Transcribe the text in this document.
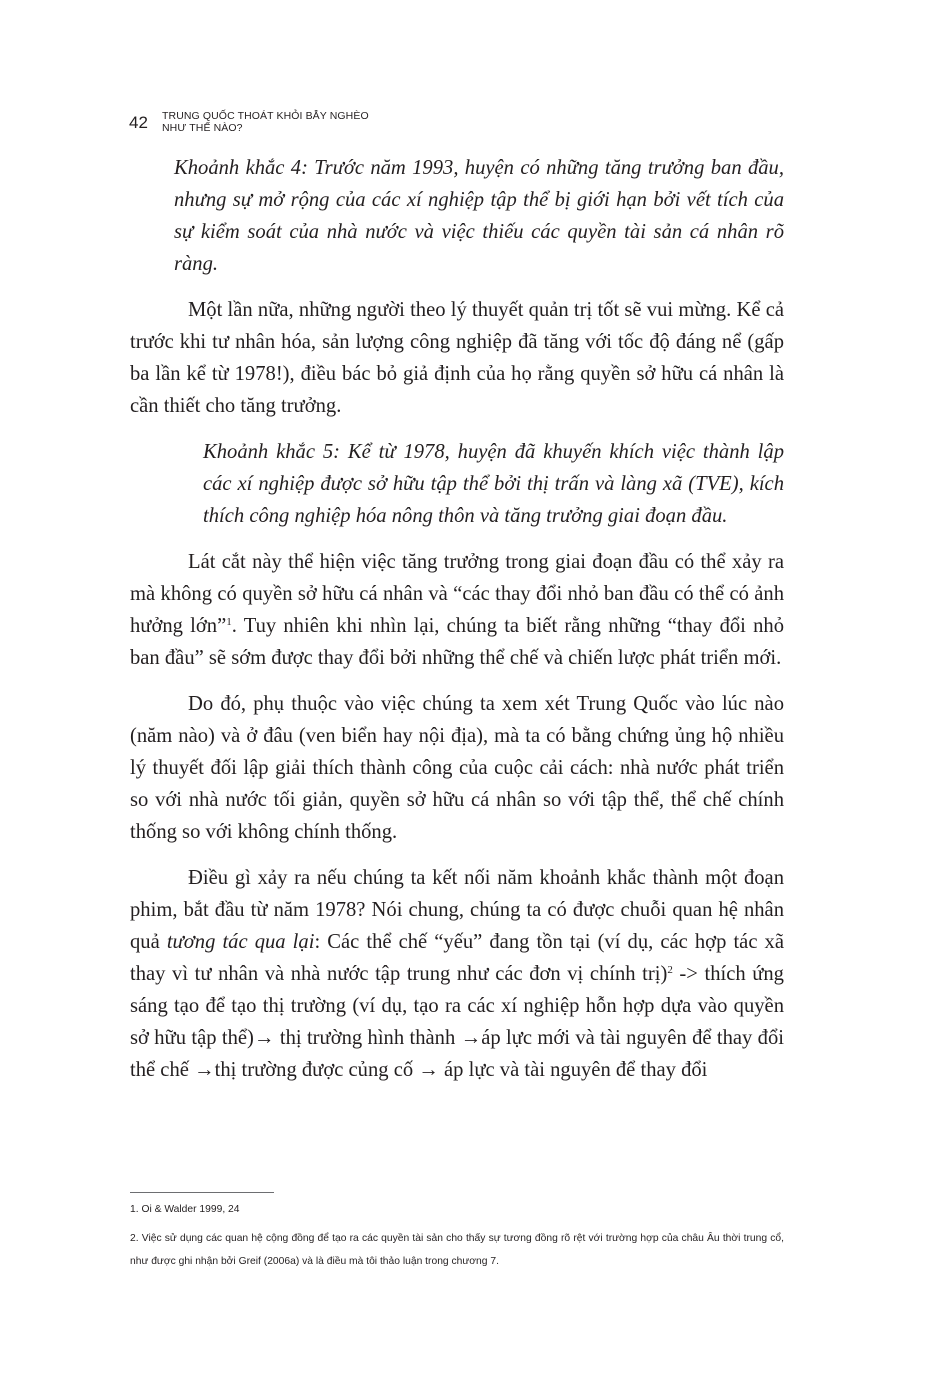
42 TRUNG QUỐC THOÁT KHỎI BẪY NGHÈO
NHƯ THẾ NÀO?

Khoảnh khắc 4: Trước năm 1993, huyện có những tăng trưởng ban đầu, nhưng sự mở rộng của các xí nghiệp tập thể bị giới hạn bởi vết tích của sự kiểm soát của nhà nước và việc thiếu các quyền tài sản cá nhân rõ ràng.

Một lần nữa, những người theo lý thuyết quản trị tốt sẽ vui mừng. Kể cả trước khi tư nhân hóa, sản lượng công nghiệp đã tăng với tốc độ đáng nể (gấp ba lần kể từ 1978!), điều bác bỏ giả định của họ rằng quyền sở hữu cá nhân là cần thiết cho tăng trưởng.

Khoảnh khắc 5: Kể từ 1978, huyện đã khuyến khích việc thành lập các xí nghiệp được sở hữu tập thể bởi thị trấn và làng xã (TVE), kích thích công nghiệp hóa nông thôn và tăng trưởng giai đoạn đầu.

Lát cắt này thể hiện việc tăng trưởng trong giai đoạn đầu có thể xảy ra mà không có quyền sở hữu cá nhân và “các thay đổi nhỏ ban đầu có thể có ảnh hưởng lớn”$^1$. Tuy nhiên khi nhìn lại, chúng ta biết rằng những “thay đổi nhỏ ban đầu” sẽ sớm được thay đổi bởi những thể chế và chiến lược phát triển mới.

Do đó, phụ thuộc vào việc chúng ta xem xét Trung Quốc vào lúc nào (năm nào) và ở đâu (ven biển hay nội địa), mà ta có bằng chứng ủng hộ nhiều lý thuyết đối lập giải thích thành công của cuộc cải cách: nhà nước phát triển so với nhà nước tối giản, quyền sở hữu cá nhân so với tập thể, thể chế chính thống so với không chính thống.

Điều gì xảy ra nếu chúng ta kết nối năm khoảnh khắc thành một đoạn phim, bắt đầu từ năm 1978? Nói chung, chúng ta có được chuỗi quan hệ nhân quả tương tác qua lại: Các thể chế “yếu” đang tồn tại (ví dụ, các hợp tác xã thay vì tư nhân và nhà nước tập trung như các đơn vị chính trị)$^2$ -> thích ứng sáng tạo để tạo thị trường (ví dụ, tạo ra các xí nghiệp hỗn hợp dựa vào quyền sở hữu tập thể)→ thị trường hình thành →áp lực mới và tài nguyên để thay đổi thể chế →thị trường được củng cố → áp lực và tài nguyên để thay đổi

1. Oi & Walder 1999, 24

2. Việc sử dụng các quan hệ cộng đồng để tạo ra các quyền tài sản cho thấy sự tương đồng rõ rệt với trường hợp của châu Âu thời trung cổ, như được ghi nhận bởi Greif (2006a) và là điều mà tôi thảo luận trong chương 7.
